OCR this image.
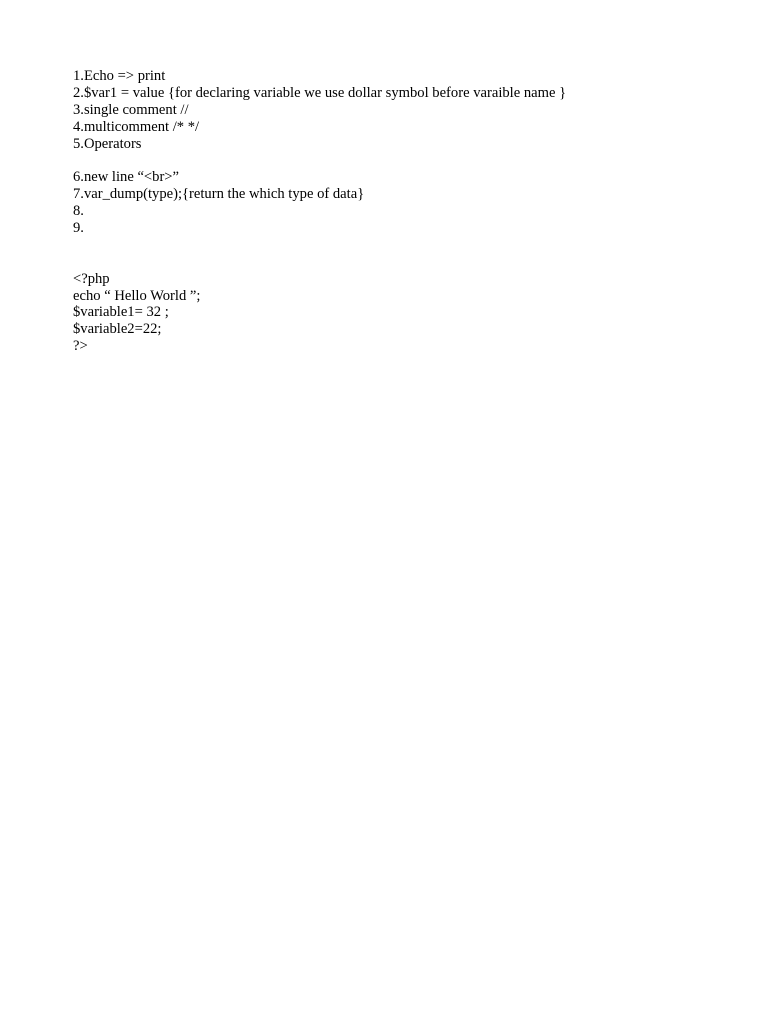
1.Echo => print
2.$var1 = value {for declaring variable we use dollar symbol before varaible name }
3.single comment //
4.multicomment /* */
5.Operators
6.new line “<br>”
7.var_dump(type);{return the which type of data}
8.
9.
<?php
echo “ Hello World ”;
$variable1= 32 ;
$variable2=22;
?>
